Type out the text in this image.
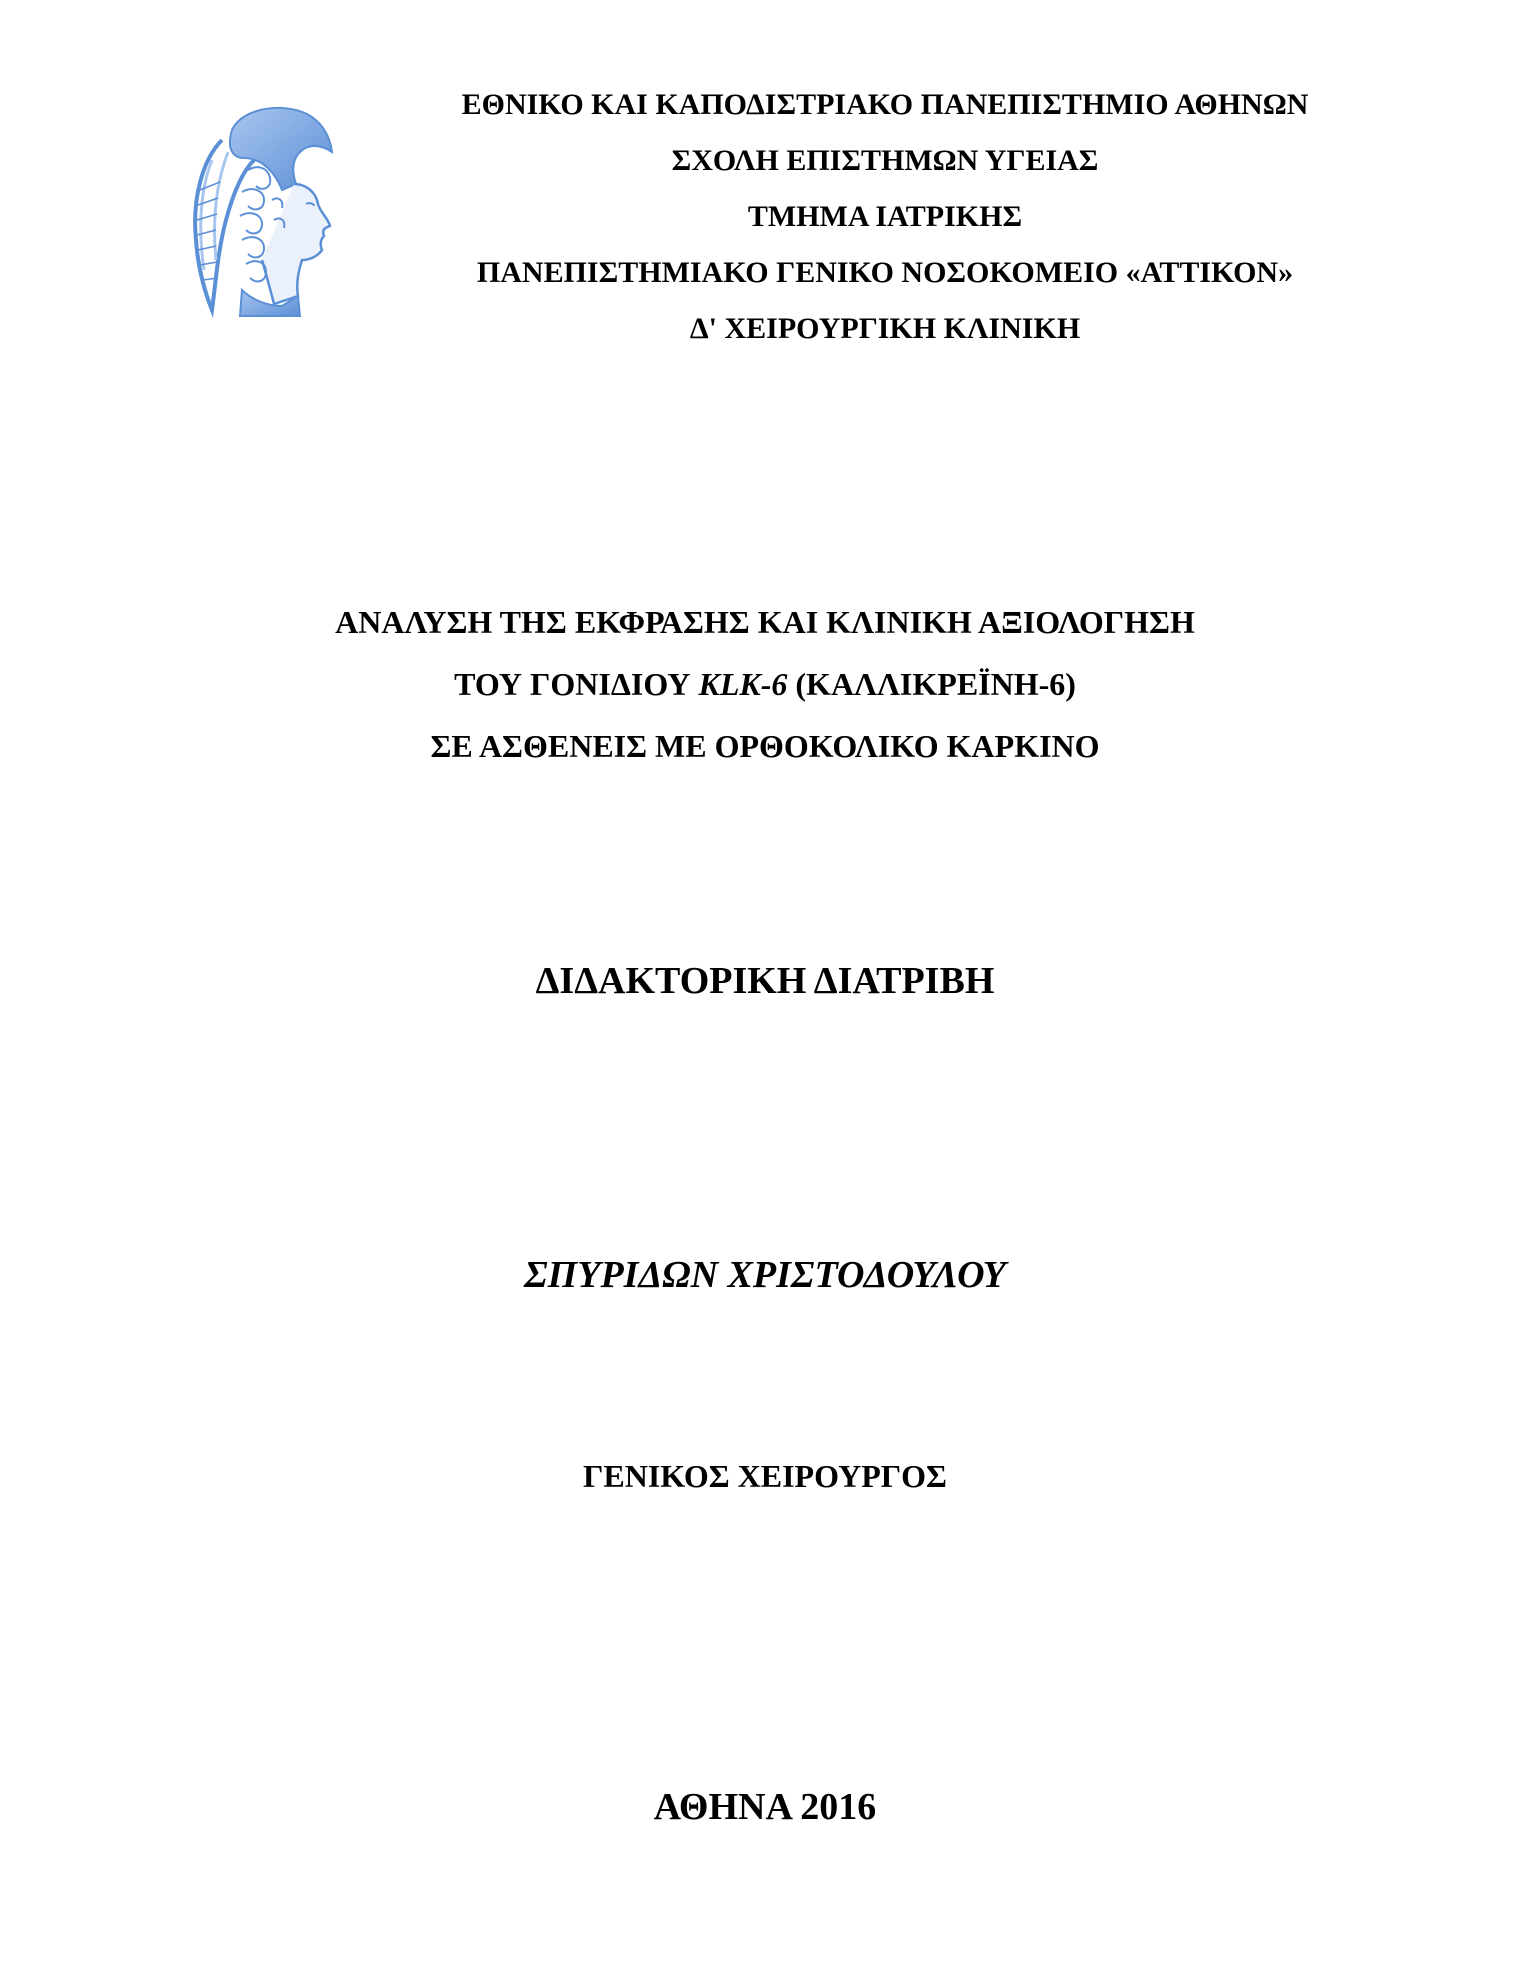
ΕΘΝΙΚΟ ΚΑΙ ΚΑΠΟΔΙΣΤΡΙΑΚΟ ΠΑΝΕΠΙΣΤΗΜΙΟ ΑΘΗΝΩΝ
ΣΧΟΛΗ ΕΠΙΣΤΗΜΩΝ ΥΓΕΙΑΣ
ΤΜΗΜΑ ΙΑΤΡΙΚΗΣ
ΠΑΝΕΠΙΣΤΗΜΙΑΚΟ ΓΕΝΙΚΟ ΝΟΣΟΚΟΜΕΙΟ «ΑΤΤΙΚΟΝ»
Δ' ΧΕΙΡΟΥΡΓΙΚΗ ΚΛΙΝΙΚΗ
ΑΝΑΛΥΣΗ ΤΗΣ ΕΚΦΡΑΣΗΣ ΚΑΙ ΚΛΙΝΙΚΗ ΑΞΙΟΛΟΓΗΣΗ
ΤΟΥ ΓΟΝΙΔΙΟΥ KLK-6 (ΚΑΛΛΙΚΡΕΪΝΗ-6)
ΣΕ ΑΣΘΕΝΕΙΣ ΜΕ ΟΡΘΟΚΟΛΙΚΟ ΚΑΡΚΙΝΟ
ΔΙΔΑΚΤΟΡΙΚΗ ΔΙΑΤΡΙΒΗ
ΣΠΥΡΙΔΩΝ ΧΡΙΣΤΟΔΟΥΛΟΥ
ΓΕΝΙΚΟΣ ΧΕΙΡΟΥΡΓΟΣ
ΑΘΗΝΑ 2016
